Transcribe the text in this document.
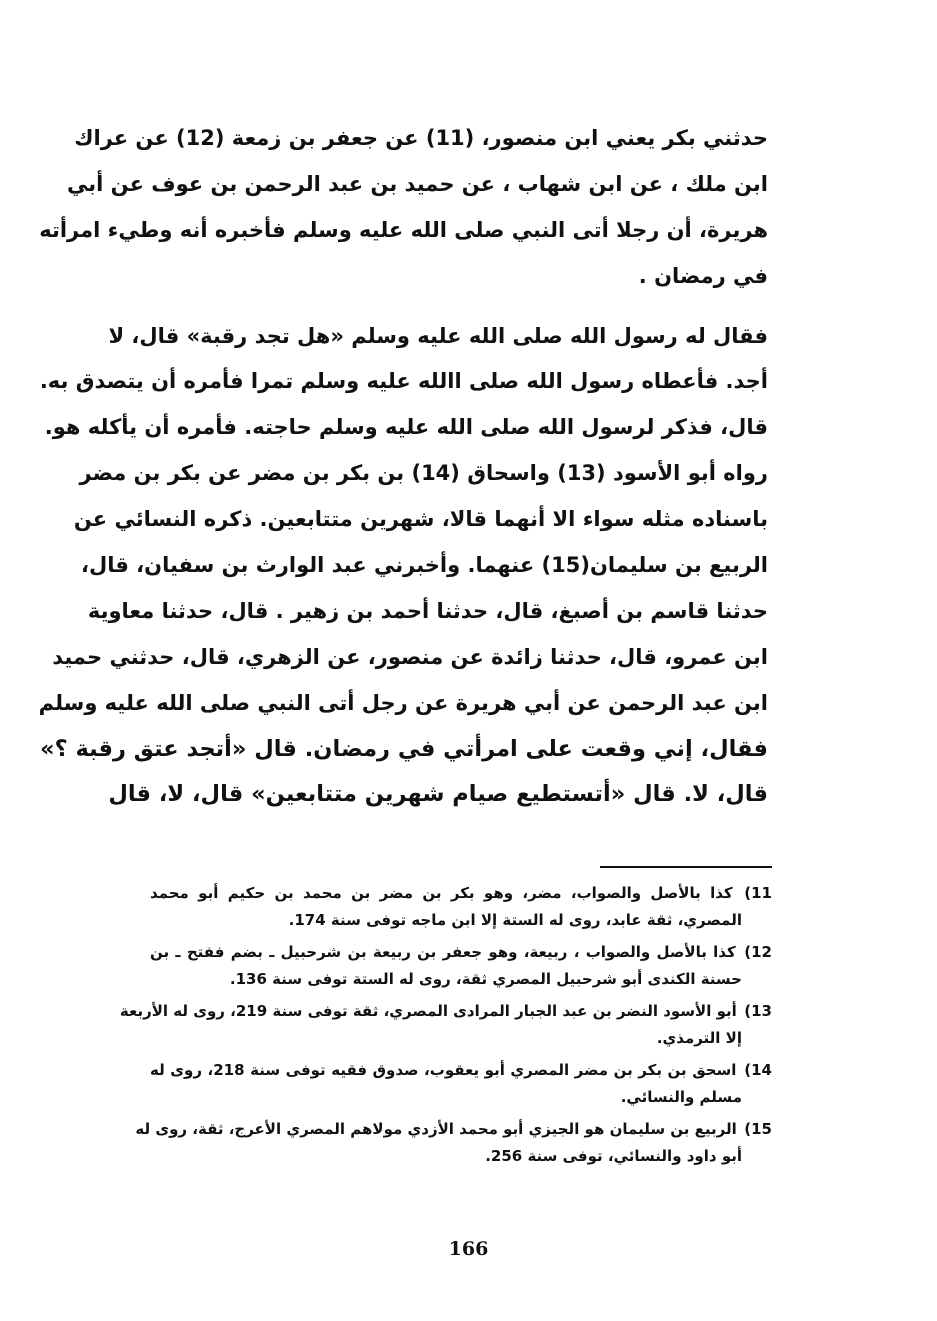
حدثني بكر يعني ابن منصور، (11) عن جعفر بن زمعة (12) عن عراك
ابن ملك ، عن ابن شهاب ، عن حميد بن عبد الرحمن بن عوف عن أبي
هريرة، أن رجلا أتى النبي صلى الله عليه وسلم فأخبره أنه وطيء امرأته
في رمضان .
فقال له رسول الله صلى الله عليه وسلم «هل تجد رقبة» قال، لا
أجد. فأعطاه رسول الله صلى االله عليه وسلم تمرا فأمره أن يتصدق به.
قال، فذكر لرسول الله صلى الله عليه وسلم حاجته. فأمره أن يأكله هو.
رواه أبو الأسود (13) واسحاق (14) بن بكر بن مضر عن بكر بن مضر
باسناده مثله سواء الا أنهما قالا، شهرين متتابعين. ذكره النسائي عن
الربيع بن سليمان(15) عنهما. وأخبرني عبد الوارث بن سفيان، قال،
حدثنا قاسم بن أصبغ، قال، حدثنا أحمد بن زهير . قال، حدثنا معاوية
ابن عمرو، قال، حدثنا زائدة عن منصور، عن الزهري، قال، حدثني حميد
ابن عبد الرحمن عن أبي هريرة عن رجل أتى النبي صلى الله عليه وسلم
فقال، إني وقعت على امرأتي في رمضان. قال «أتجد عتق رقبة ؟»
قال، لا. قال «أتستطيع صيام شهرين متتابعين» قال، لا، قال
11) كذا بالأصل والصواب، مضر، وهو بكر بن مضر بن محمد بن حكيم أبو محمد
المصري، ثقة عابد، روى له الستة إلا ابن ماجه توفى سنة 174.
12) كذا بالأصل والصواب ، ربيعة، وهو جعفر بن ربيعة بن شرحبيل ـ بضم ففتح ـ بن
حسنة الكندى أبو شرحبيل المصري ثقة، روى له الستة توفى سنة 136.
13) أبو الأسود النضر بن عبد الجبار المرادى المصري، ثقة توفى سنة 219، روى له الأربعة
إلا الترمذي.
14) اسحق بن بكر بن مضر المصري أبو يعقوب، صدوق فقيه توفى سنة 218، روى له
مسلم والنسائي.
15) الربيع بن سليمان هو الجيزي أبو محمد الأزدي مولاهم المصري الأعرج، ثقة، روى له
أبو داود والنسائي، توفى سنة 256.
166
